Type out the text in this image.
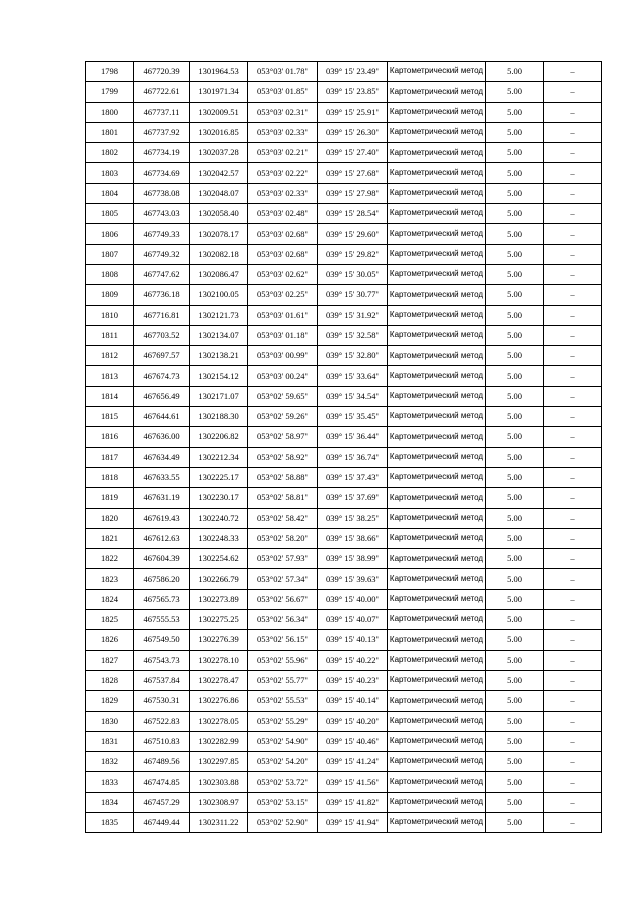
1798	467720.39	1301964.53	053°03' 01.78"	039° 15' 23.49"	Картометрический метод	5.00	–
1799	467722.61	1301971.34	053°03' 01.85"	039° 15' 23.85"	Картометрический метод	5.00	–
1800	467737.11	1302009.51	053°03' 02.31"	039° 15' 25.91"	Картометрический метод	5.00	–
1801	467737.92	1302016.85	053°03' 02.33"	039° 15' 26.30"	Картометрический метод	5.00	–
1802	467734.19	1302037.28	053°03' 02.21"	039° 15' 27.40"	Картометрический метод	5.00	–
1803	467734.69	1302042.57	053°03' 02.22"	039° 15' 27.68"	Картометрический метод	5.00	–
1804	467738.08	1302048.07	053°03' 02.33"	039° 15' 27.98"	Картометрический метод	5.00	–
1805	467743.03	1302058.40	053°03' 02.48"	039° 15' 28.54"	Картометрический метод	5.00	–
1806	467749.33	1302078.17	053°03' 02.68"	039° 15' 29.60"	Картометрический метод	5.00	–
1807	467749.32	1302082.18	053°03' 02.68"	039° 15' 29.82"	Картометрический метод	5.00	–
1808	467747.62	1302086.47	053°03' 02.62"	039° 15' 30.05"	Картометрический метод	5.00	–
1809	467736.18	1302100.05	053°03' 02.25"	039° 15' 30.77"	Картометрический метод	5.00	–
1810	467716.81	1302121.73	053°03' 01.61"	039° 15' 31.92"	Картометрический метод	5.00	–
1811	467703.52	1302134.07	053°03' 01.18"	039° 15' 32.58"	Картометрический метод	5.00	–
1812	467697.57	1302138.21	053°03' 00.99"	039° 15' 32.80"	Картометрический метод	5.00	–
1813	467674.73	1302154.12	053°03' 00.24"	039° 15' 33.64"	Картометрический метод	5.00	–
1814	467656.49	1302171.07	053°02' 59.65"	039° 15' 34.54"	Картометрический метод	5.00	–
1815	467644.61	1302188.30	053°02' 59.26"	039° 15' 35.45"	Картометрический метод	5.00	–
1816	467636.00	1302206.82	053°02' 58.97"	039° 15' 36.44"	Картометрический метод	5.00	–
1817	467634.49	1302212.34	053°02' 58.92"	039° 15' 36.74"	Картометрический метод	5.00	–
1818	467633.55	1302225.17	053°02' 58.88"	039° 15' 37.43"	Картометрический метод	5.00	–
1819	467631.19	1302230.17	053°02' 58.81"	039° 15' 37.69"	Картометрический метод	5.00	–
1820	467619.43	1302240.72	053°02' 58.42"	039° 15' 38.25"	Картометрический метод	5.00	–
1821	467612.63	1302248.33	053°02' 58.20"	039° 15' 38.66"	Картометрический метод	5.00	–
1822	467604.39	1302254.62	053°02' 57.93"	039° 15' 38.99"	Картометрический метод	5.00	–
1823	467586.20	1302266.79	053°02' 57.34"	039° 15' 39.63"	Картометрический метод	5.00	–
1824	467565.73	1302273.89	053°02' 56.67"	039° 15' 40.00"	Картометрический метод	5.00	–
1825	467555.53	1302275.25	053°02' 56.34"	039° 15' 40.07"	Картометрический метод	5.00	–
1826	467549.50	1302276.39	053°02' 56.15"	039° 15' 40.13"	Картометрический метод	5.00	–
1827	467543.73	1302278.10	053°02' 55.96"	039° 15' 40.22"	Картометрический метод	5.00	–
1828	467537.84	1302278.47	053°02' 55.77"	039° 15' 40.23"	Картометрический метод	5.00	–
1829	467530.31	1302276.86	053°02' 55.53"	039° 15' 40.14"	Картометрический метод	5.00	–
1830	467522.83	1302278.05	053°02' 55.29"	039° 15' 40.20"	Картометрический метод	5.00	–
1831	467510.83	1302282.99	053°02' 54.90"	039° 15' 40.46"	Картометрический метод	5.00	–
1832	467489.56	1302297.85	053°02' 54.20"	039° 15' 41.24"	Картометрический метод	5.00	–
1833	467474.85	1302303.88	053°02' 53.72"	039° 15' 41.56"	Картометрический метод	5.00	–
1834	467457.29	1302308.97	053°02' 53.15"	039° 15' 41.82"	Картометрический метод	5.00	–
1835	467449.44	1302311.22	053°02' 52.90"	039° 15' 41.94"	Картометрический метод	5.00	–
